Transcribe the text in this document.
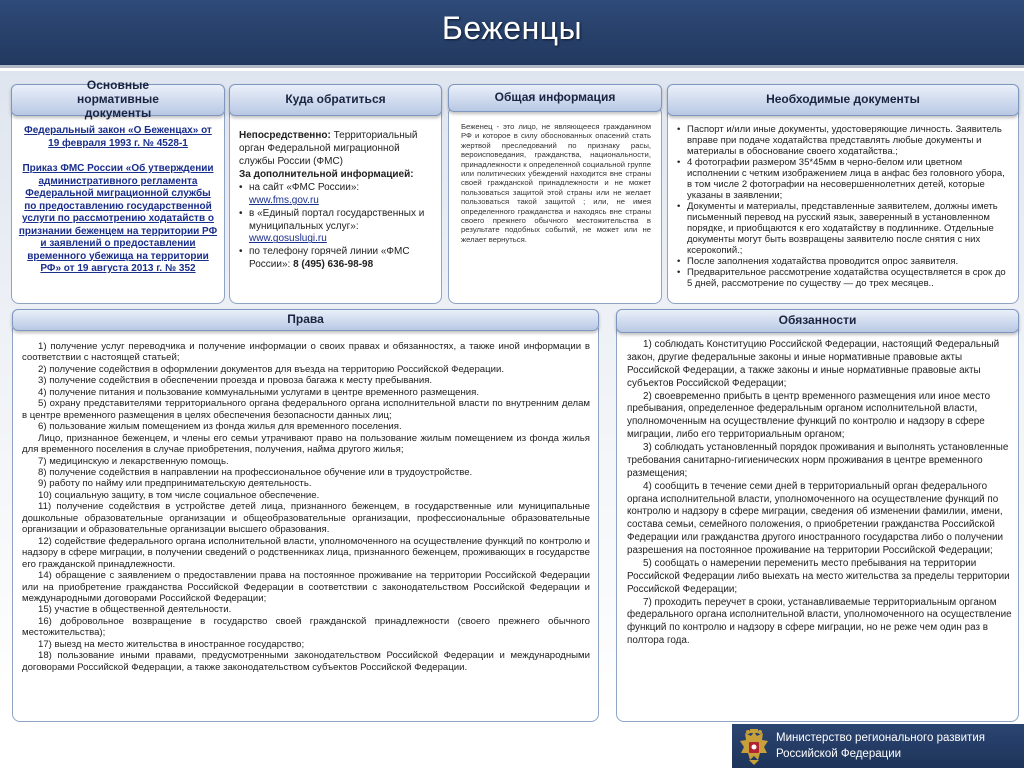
Беженцы

Федеральный закон «О Беженцах» от 19 февраля 1993 г. № 4528-1

Приказ ФМС России «Об утверждении административного регламента Федеральной миграционной службы по предоставлению государственной услуги по рассмотрению ходатайств о признании беженцем на территории РФ и заявлений о предоставлении временного убежища на территории РФ» от 19 августа 2013 г. № 352

Основные нормативные документы

Непосредственно: Территориальный орган Федеральной миграционной службы России (ФМС)

За дополнительной информацией:

• на сайт «ФМС России»:
www.fms.gov.ru
• в «Единый портал государственных и муниципальных услуг»:
www.gosuslugi.ru
• по телефону горячей линии «ФМС России»: 8 (495) 636-98-98
Куда обратиться

Беженец - это лицо, не являющееся гражданином РФ и которое в силу обоснованных опасений стать жертвой преследований по признаку расы, вероисповедания, гражданства, национальности, принадлежности к определенной социальной группе или политических убеждений находится вне страны своей гражданской принадлежности и не может пользоваться защитой этой страны или не желает пользоваться такой защитой ; или, не имея определенного гражданства и находясь вне страны своего прежнего обычного местожительства в результате подобных событий, не может или не желает вернуться.

Общая информация
• Паспорт и/или иные документы, удостоверяющие личность. Заявитель вправе при подаче ходатайства представлять любые документы и материалы в обоснование своего ходатайства.;
• 4 фотографии размером 35*45мм в черно-белом или цветном исполнении с четким изображением лица в анфас без головного убора, в том числе 2 фотографии на несовершеннолетних детей, которые указаны в заявлении;
• Документы и материалы, представленные заявителем, должны иметь письменный перевод на русский язык, заверенный в установленном порядке, и приобщаются к его ходатайству в подлиннике. Отдельные документы могут быть возвращены заявителю после снятия с них ксерокопий.;
• После заполнения ходатайства проводится опрос заявителя.
• Предварительное рассмотрение ходатайства осуществляется в срок до 5 дней, рассмотрение по существу — до трех месяцев..
Необходимые документы

1) получение услуг переводчика и получение информации о своих правах и обязанностях, а также иной информации в соответствии с настоящей статьей;

2) получение содействия в оформлении документов для въезда на территорию Российской Федерации.

3) получение содействия в обеспечении проезда и провоза багажа к месту пребывания.

4) получение питания и пользование коммунальными услугами в центре временного размещения.

5) охрану представителями территориального органа федерального органа исполнительной власти по внутренним делам в центре временного размещения в целях обеспечения безопасности данных лиц;

6) пользование жилым помещением из фонда жилья для временного поселения.

Лицо, признанное беженцем, и члены его семьи утрачивают право на пользование жилым помещением из фонда жилья для временного поселения в случае приобретения, получения, найма другого жилья;

7) медицинскую и лекарственную помощь.

8) получение содействия в направлении на профессиональное обучение или в трудоустройстве.

9) работу по найму или предпринимательскую деятельность.

10) социальную защиту, в том числе социальное обеспечение.

11) получение содействия в устройстве детей лица, признанного беженцем, в государственные или муниципальные дошкольные образовательные организации и общеобразовательные организации, профессиональные образовательные организации и образовательные организации высшего образования.

12) содействие федерального органа исполнительной власти, уполномоченного на осуществление функций по контролю и надзору в сфере миграции, в получении сведений о родственниках лица, признанного беженцем, проживающих в государстве его гражданской принадлежности.

14) обращение с заявлением о предоставлении права на постоянное проживание на территории Российской Федерации или на приобретение гражданства Российской Федерации в соответствии с законодательством Российской Федерации и международными договорами Российской Федерации;

15) участие в общественной деятельности.

16) добровольное возвращение в государство своей гражданской принадлежности (своего прежнего обычного местожительства);

17) выезд на место жительства в иностранное государство;

18) пользование иными правами, предусмотренными законодательством Российской Федерации и международными договорами Российской Федерации, а также законодательством субъектов Российской Федерации.

Права

1) соблюдать Конституцию Российской Федерации, настоящий Федеральный закон, другие федеральные законы и иные нормативные правовые акты Российской Федерации, а также законы и иные нормативные правовые акты субъектов Российской Федерации;

2) своевременно прибыть в центр временного размещения или иное место пребывания, определенное федеральным органом исполнительной власти, уполномоченным на осуществление функций по контролю и надзору в сфере миграции, либо его территориальным органом;

3) соблюдать установленный порядок проживания и выполнять установленные требования санитарно-гигиенических норм проживания в центре временного размещения;

4) сообщить в течение семи дней в территориальный орган федерального органа исполнительной власти, уполномоченного на осуществление функций по контролю и надзору в сфере миграции, сведения об изменении фамилии, имени, состава семьи, семейного положения, о приобретении гражданства Российской Федерации или гражданства другого иностранного государства либо о получении разрешения на постоянное проживание на территории Российской Федерации;

5) сообщать о намерении переменить место пребывания на территории Российской Федерации либо выехать на место жительства за пределы территории Российской Федерации;

7) проходить переучет в сроки, устанавливаемые территориальным органом федерального органа исполнительной власти, уполномоченного на осуществление функций по контролю и надзору в сфере миграции, но не реже чем один раз в полтора года.

Обязанности
Министерство регионального развития
Российской Федерации
